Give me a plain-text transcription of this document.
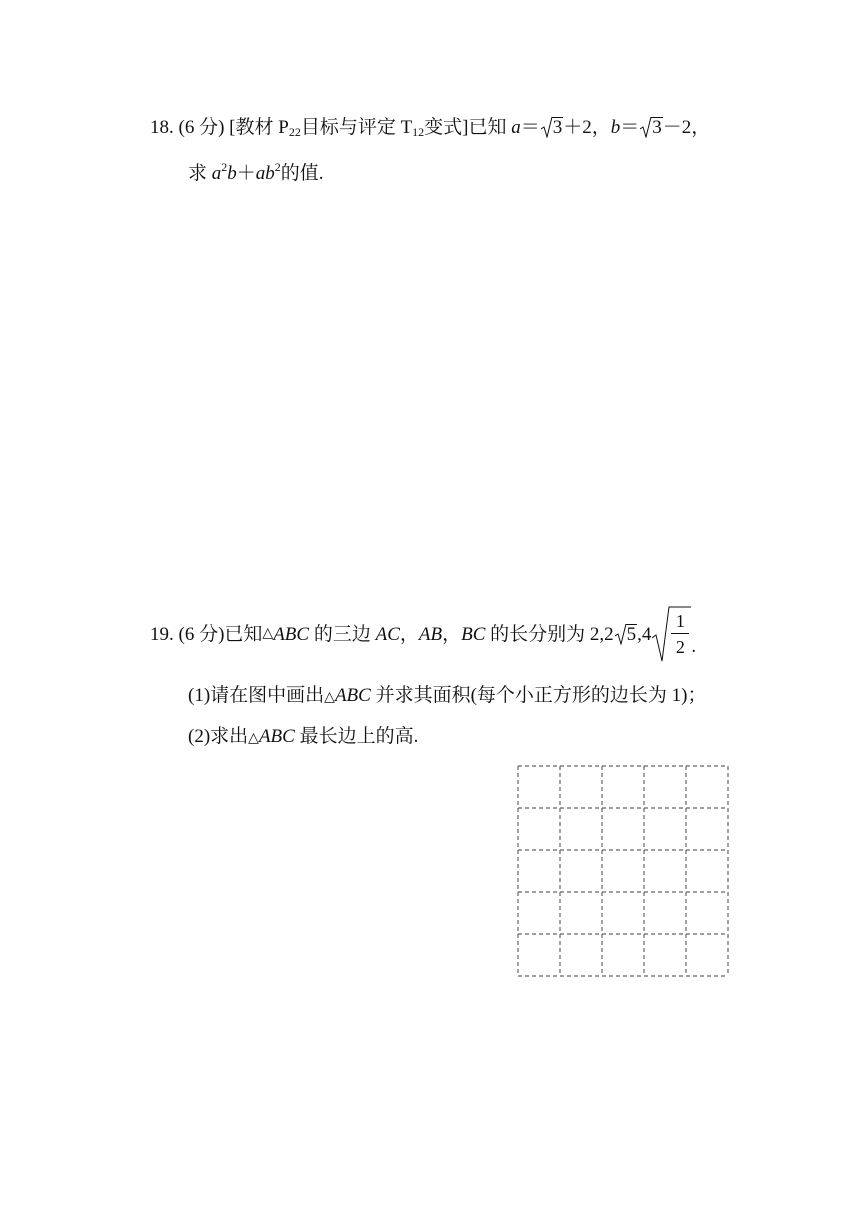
18. (6 分) [教材 $P_{22}$目标与评定 $T_{12}$变式]已知 a＝ 3＋2，b＝ 3－2，
求 $a^2b+ab^2$的值.
19.
(6 分)已知 △ ABC
的三边
AC ， AB ， BC
的长分别为 2,2 5 $,4 \frac{1}{2}$ .
(1)请在图中画出△ABC 并求其面积(每个小正方形的边长为 1)；
(2)求出△ABC 最长边上的高.
